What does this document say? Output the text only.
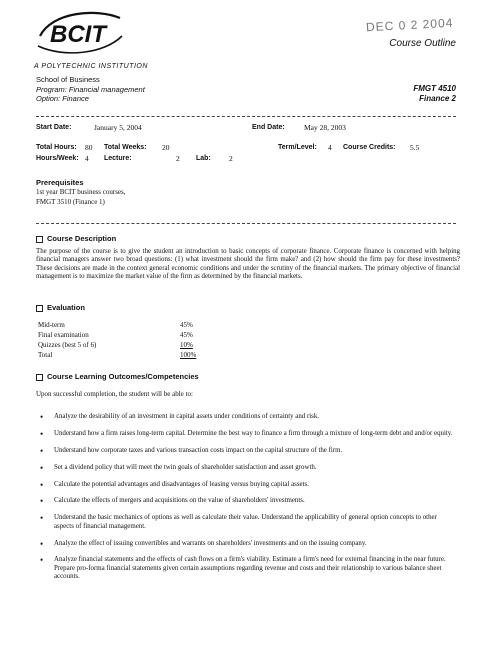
BCIT	DEC 0 2 2004
Course Outline
A POLYTECHNIC INSTITUTION
School of Business
Program: Financial management
Option: Finance
FMGT 4510
Finance 2
Start Date:	January 5, 2004	End Date:	May 28, 2003
Total Hours: 80 Total Weeks: 20	Term/Level: 4 Course Credits: 5.5
Hours/Week: 4 Lecture:	2 Lab: 2
Prerequisites
1st year BCIT business courses,
FMGT 3510 (Finance 1)
Course Description
The purpose of the course is to give the student an introduction to basic concepts of corporate finance. Corporate finance is concerned with helping financial managers answer two broad questions: (1) what investment should the firm make? and (2) how should the firm pay for these investments? These decisions are made in the context general economic conditions and under the scrutiny of the financial markets. The primary objective of financial management is to maximize the market value of the firm as determined by the financial markets.
Evaluation
Mid-term	45%
Final examination	45%
Quizzes (best 5 of 6)	10%
Total	100%
Course Learning Outcomes/Competencies
Upon successful completion, the student will be able to:
• Analyze the desirability of an investment in capital assets under conditions of certainty and risk.
• Understand how a firm raises long-term capital. Determine the best way to finance a firm through a mixture of long-term debt and and/or equity.
• Understand how corporate taxes and various transaction costs impact on the capital structure of the firm.
• Set a dividend policy that will meet the twin goals of shareholder satisfaction and asset growth.
• Calculate the potential advantages and disadvantages of leasing versus buying capital assets.
• Calculate the effects of mergers and acquisitions on the value of shareholders' investments.
• Understand the basic mechanics of options as well as calculate their value. Understand the applicability of general option concepts to other aspects of financial management.
• Analyze the effect of issuing convertibles and warrants on shareholders' investments and on the issuing company.
• Analyze financial statements and the effects of cash flows on a firm's viability. Estimate a firm's need for external financing in the near future. Prepare pro-forma financial statements given certain assumptions regarding revenue and costs and their relationship to various balance sheet accounts.
